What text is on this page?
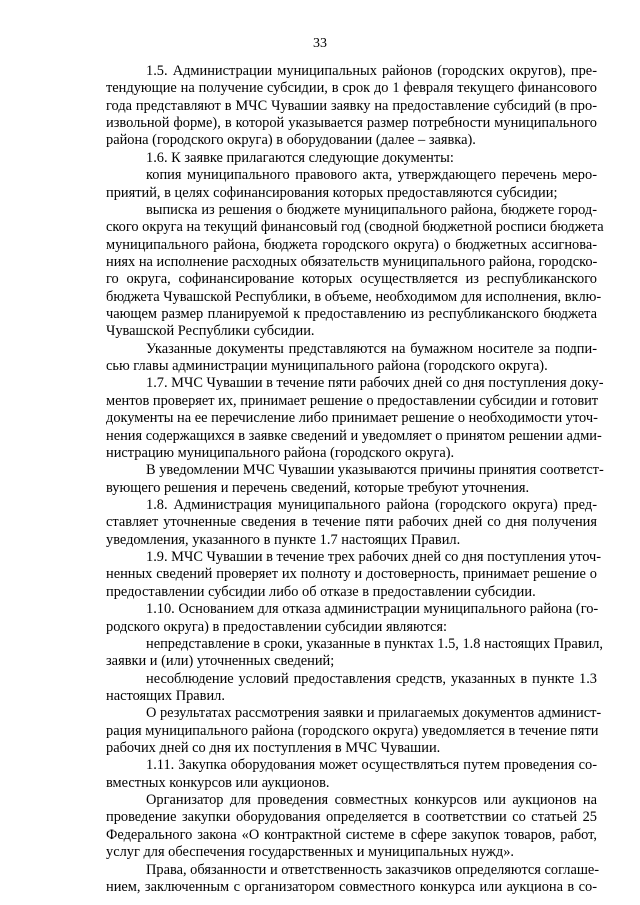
33
1.5. Администрации муниципальных районов (городских округов), пре-
тендующие на получение субсидии, в срок до 1 февраля текущего финансового
года представляют в МЧС Чувашии заявку на предоставление субсидий (в про-
извольной форме), в которой указывается размер потребности муниципального
района (городского округа) в оборудовании (далее – заявка).
1.6. К заявке прилагаются следующие документы:
копия муниципального правового акта, утверждающего перечень меро-
приятий, в целях софинансирования которых предоставляются субсидии;
выписка из решения о бюджете муниципального района, бюджете город-
ского округа на текущий финансовый год (сводной бюджетной росписи бюджета
муниципального района, бюджета городского округа) о бюджетных ассигнова-
ниях на исполнение расходных обязательств муниципального района, городско-
го округа, софинансирование которых осуществляется из республиканского
бюджета Чувашской Республики, в объеме, необходимом для исполнения, вклю-
чающем размер планируемой к предоставлению из республиканского бюджета
Чувашской Республики субсидии.
Указанные документы представляются на бумажном носителе за подпи-
сью главы администрации муниципального района (городского округа).
1.7. МЧС Чувашии в течение пяти рабочих дней со дня поступления доку-
ментов проверяет их, принимает решение о предоставлении субсидии и готовит
документы на ее перечисление либо принимает решение о необходимости уточ-
нения содержащихся в заявке сведений и уведомляет о принятом решении адми-
нистрацию муниципального района (городского округа).
В уведомлении МЧС Чувашии указываются причины принятия соответст-
вующего решения и перечень сведений, которые требуют уточнения.
1.8. Администрация муниципального района (городского округа) пред-
ставляет уточненные сведения в течение пяти рабочих дней со дня получения
уведомления, указанного в пункте 1.7 настоящих Правил.
1.9. МЧС Чувашии в течение трех рабочих дней со дня поступления уточ-
ненных сведений проверяет их полноту и достоверность, принимает решение о
предоставлении субсидии либо об отказе в предоставлении субсидии.
1.10. Основанием для отказа администрации муниципального района (го-
родского округа) в предоставлении субсидии являются:
непредставление в сроки, указанные в пунктах 1.5, 1.8 настоящих Правил,
заявки и (или) уточненных сведений;
несоблюдение условий предоставления средств, указанных в пункте 1.3
настоящих Правил.
О результатах рассмотрения заявки и прилагаемых документов админист-
рация муниципального района (городского округа) уведомляется в течение пяти
рабочих дней со дня их поступления в МЧС Чувашии.
1.11. Закупка оборудования может осуществляться путем проведения со-
вместных конкурсов или аукционов.
Организатор для проведения совместных конкурсов или аукционов на
проведение закупки оборудования определяется в соответствии со статьей 25
Федерального закона «О контрактной системе в сфере закупок товаров, работ,
услуг для обеспечения государственных и муниципальных нужд».
Права, обязанности и ответственность заказчиков определяются соглаше-
нием, заключенным с организатором совместного конкурса или аукциона в со-
